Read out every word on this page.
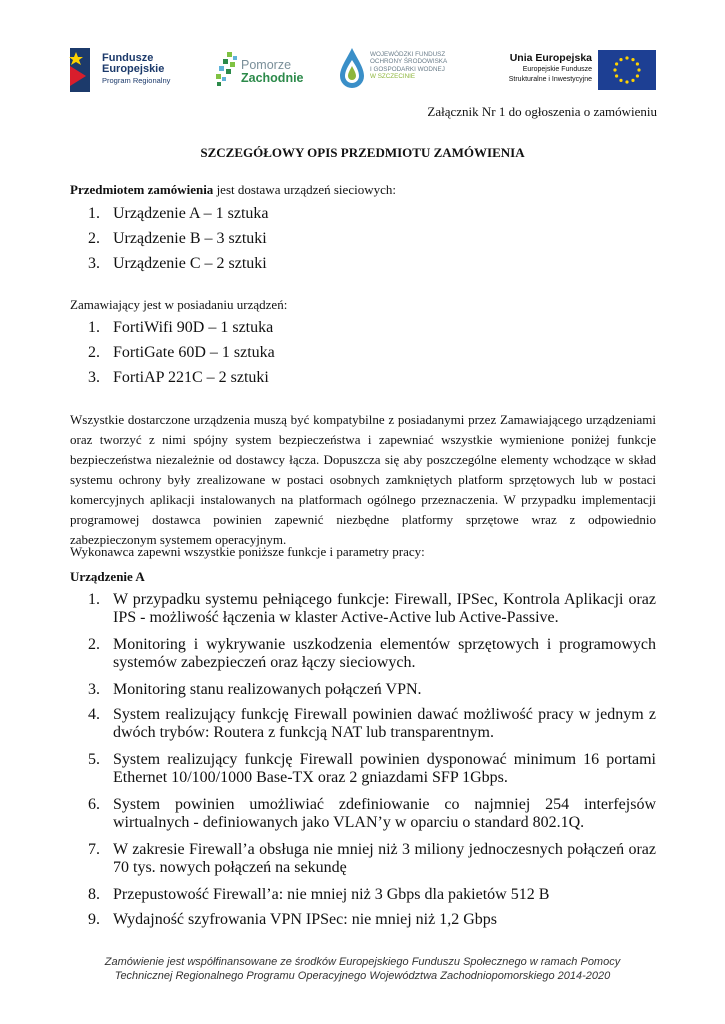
Fundusze
Europejskie
Program Regionalny
Pomorze
Zachodnie
WOJEWÓDZKI FUNDUSZ
OCHRONY ŚRODOWISKA
I GOSPODARKI WODNEJ
W SZCZECINIE
Unia Europejska
Europejskie Fundusze
Strukturalne i Inwestycyjne
Załącznik Nr 1 do ogłoszenia o zamówieniu
SZCZEGÓŁOWY OPIS PRZEDMIOTU ZAMÓWIENIA

Przedmiotem zamówienia jest dostawa urządzeń sieciowych:

1. Urządzenie A – 1 sztuka
2. Urządzenie B – 3 sztuki
3. Urządzenie C – 2 sztuki

Zamawiający jest w posiadaniu urządzeń:

1. FortiWifi 90D – 1 sztuka
2. FortiGate 60D – 1 sztuka
3. FortiAP 221C – 2 sztuki

Wszystkie dostarczone urządzenia muszą być kompatybilne z posiadanymi przez Zamawiającego urządzeniami oraz tworzyć z nimi spójny system bezpieczeństwa i zapewniać wszystkie wymienione poniżej funkcje bezpieczeństwa niezależnie od dostawcy łącza. Dopuszcza się aby poszczególne elementy wchodzące w skład systemu ochrony były zrealizowane w postaci osobnych zamkniętych platform sprzętowych lub w postaci komercyjnych aplikacji instalowanych na platformach ogólnego przeznaczenia. W przypadku implementacji programowej dostawca powinien zapewnić niezbędne platformy sprzętowe wraz z odpowiednio zabezpieczonym systemem operacyjnym.

Wykonawca zapewni wszystkie poniższe funkcje i parametry pracy:

Urządzenie A

1. W przypadku systemu pełniącego funkcje: Firewall, IPSec, Kontrola Aplikacji oraz IPS - możliwość łączenia w klaster Active-Active lub Active-Passive.
2. Monitoring i wykrywanie uszkodzenia elementów sprzętowych i programowych systemów zabezpieczeń oraz łączy sieciowych.
3. Monitoring stanu realizowanych połączeń VPN.
4. System realizujący funkcję Firewall powinien dawać możliwość pracy w jednym z dwóch trybów: Routera z funkcją NAT lub transparentnym.
5. System realizujący funkcję Firewall powinien dysponować minimum 16 portami Ethernet 10/100/1000 Base-TX oraz 2 gniazdami SFP 1Gbps.
6. System powinien umożliwiać zdefiniowanie co najmniej 254 interfejsów wirtualnych - definiowanych jako VLAN’y w oparciu o standard 802.1Q.
7. W zakresie Firewall’a obsługa nie mniej niż 3 miliony jednoczesnych połączeń oraz 70 tys. nowych połączeń na sekundę
8. Przepustowość Firewall’a: nie mniej niż 3 Gbps dla pakietów 512 B
9. Wydajność szyfrowania VPN IPSec: nie mniej niż 1,2 Gbps
Zamówienie jest współfinansowane ze środków Europejskiego Funduszu Społecznego w ramach Pomocy
Technicznej Regionalnego Programu Operacyjnego Województwa Zachodniopomorskiego 2014-2020
